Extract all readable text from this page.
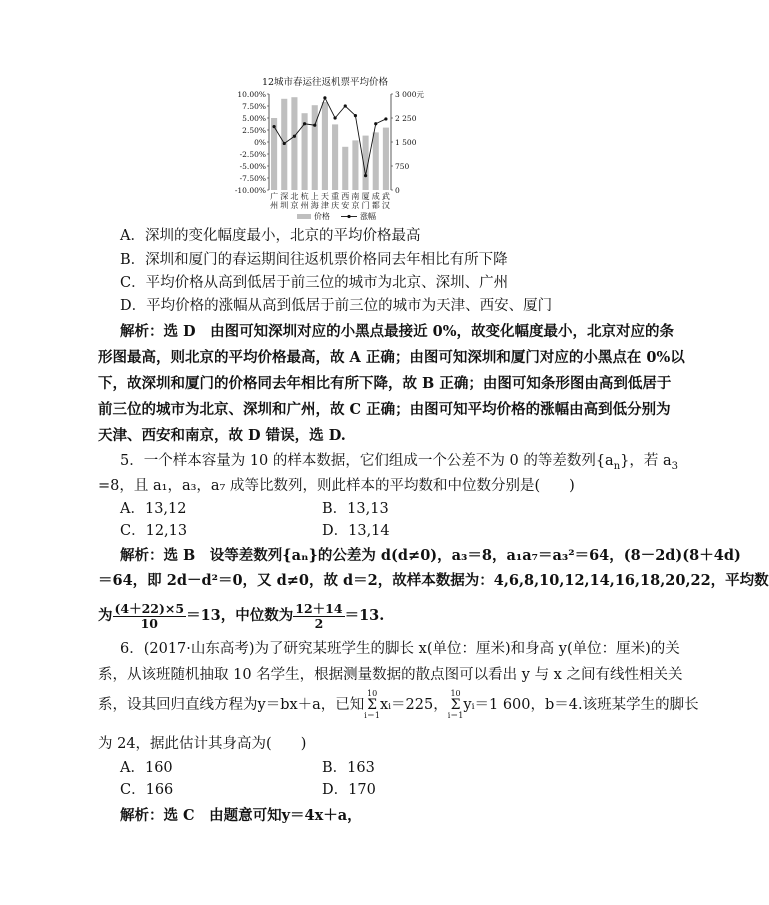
12城市春运往返机票平均价格
10.00%
7.50%
5.00%
2.50%
0%
-2.50%
-5.00%
-7.50%
-10.00%
3 000元
2 250
1 500
750
0
广
州
深
圳
北
京
杭
州
上
海
天
津
重
庆
西
安
南
京
厦
门
成
都
武
汉
价格	涨幅
A．深圳的变化幅度最小，北京的平均价格最高
B．深圳和厦门的春运期间往返机票价格同去年相比有所下降
C．平均价格从高到低居于前三位的城市为北京、深圳、广州
D．平均价格的涨幅从高到低居于前三位的城市为天津、西安、厦门
解析：选 D　由图可知深圳对应的小黑点最接近 0%，故变化幅度最小，北京对应的条
形图最高，则北京的平均价格最高，故 A 正确；由图可知深圳和厦门对应的小黑点在 0%以
下，故深圳和厦门的价格同去年相比有所下降，故 B 正确；由图可知条形图由高到低居于
前三位的城市为北京、深圳和广州，故 C 正确；由图可知平均价格的涨幅由高到低分别为
天津、西安和南京，故 D 错误，选 D.
5．一个样本容量为 10 的样本数据，它们组成一个公差不为 0 的等差数列$\{a_n\}$，若 $a_3$
=8，且 a₁，a₃，a₇ 成等比数列，则此样本的平均数和中位数分别是(　　)
A．13,12	B．13,13
C．12,13	D．13,14
解析：选 B　设等差数列{aₙ}的公差为 d(d≠0)，a₃＝8，a₁a₇＝a₃²＝64，(8－2d)(8＋4d)
＝64，即 2d－d²＝0，又 d≠0，故 d＝2，故样本数据为：4,6,8,10,12,14,16,18,20,22，平均数
为 $\frac{(4+22)\times 5}{10} =13$，中位数为 $\frac{12+14}{2} =13$.
6．(2017·山东高考)为了研究某班学生的脚长 x(单位：厘米)和身高 y(单位：厘米)的关
系，从该班随机抽取 10 名学生，根据测量数据的散点图可以看出 y 与 x 之间有线性相关关
系，设其回归直线方程为y＝bx＋a，已知10
Σ
i＝1xᵢ＝225，10
Σ
i＝1yᵢ＝1 600，b＝4.该班某学生的脚长
为 24，据此估计其身高为(　　)
A．160	B．163
C．166	D．170
解析：选 C　由题意可知y＝4x＋a，
